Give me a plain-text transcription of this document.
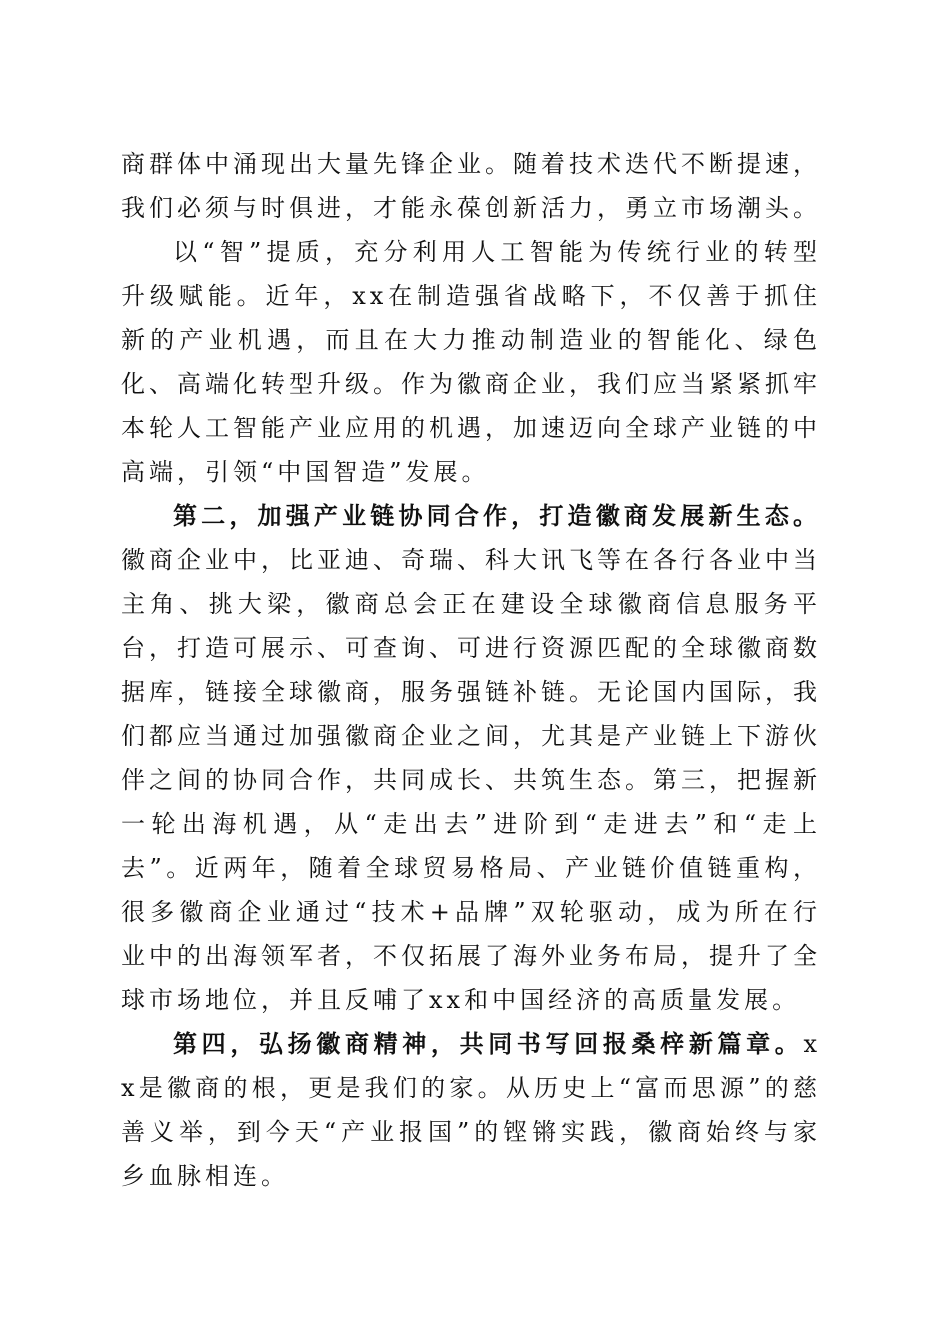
商群体中涌现出大量先锋企业。随着技术迭代不断提速，我们必须与时俱进，才能永葆创新活力，勇立市场潮头。

以“智”提质，充分利用人工智能为传统行业的转型升级赋能。近年，xx在制造强省战略下，不仅善于抓住新的产业机遇，而且在大力推动制造业的智能化、绿色化、高端化转型升级。作为徽商企业，我们应当紧紧抓牢本轮人工智能产业应用的机遇，加速迈向全球产业链的中高端，引领“中国智造”发展。

第二，加强产业链协同合作，打造徽商发展新生态。徽商企业中，比亚迪、奇瑞、科大讯飞等在各行各业中当主角、挑大梁，徽商总会正在建设全球徽商信息服务平台，打造可展示、可查询、可进行资源匹配的全球徽商数据库，链接全球徽商，服务强链补链。无论国内国际，我们都应当通过加强徽商企业之间，尤其是产业链上下游伙伴之间的协同合作，共同成长、共筑生态。第三，把握新一轮出海机遇，从“走出去”进阶到“走进去”和“走上去”。近两年，随着全球贸易格局、产业链价值链重构，很多徽商企业通过“技术+品牌”双轮驱动，成为所在行业中的出海领军者，不仅拓展了海外业务布局，提升了全球市场地位，并且反哺了xx和中国经济的高质量发展。

第四，弘扬徽商精神，共同书写回报桑梓新篇章。xx是徽商的根，更是我们的家。从历史上“富而思源”的慈善义举，到今天“产业报国”的铿锵实践，徽商始终与家乡血脉相连。
